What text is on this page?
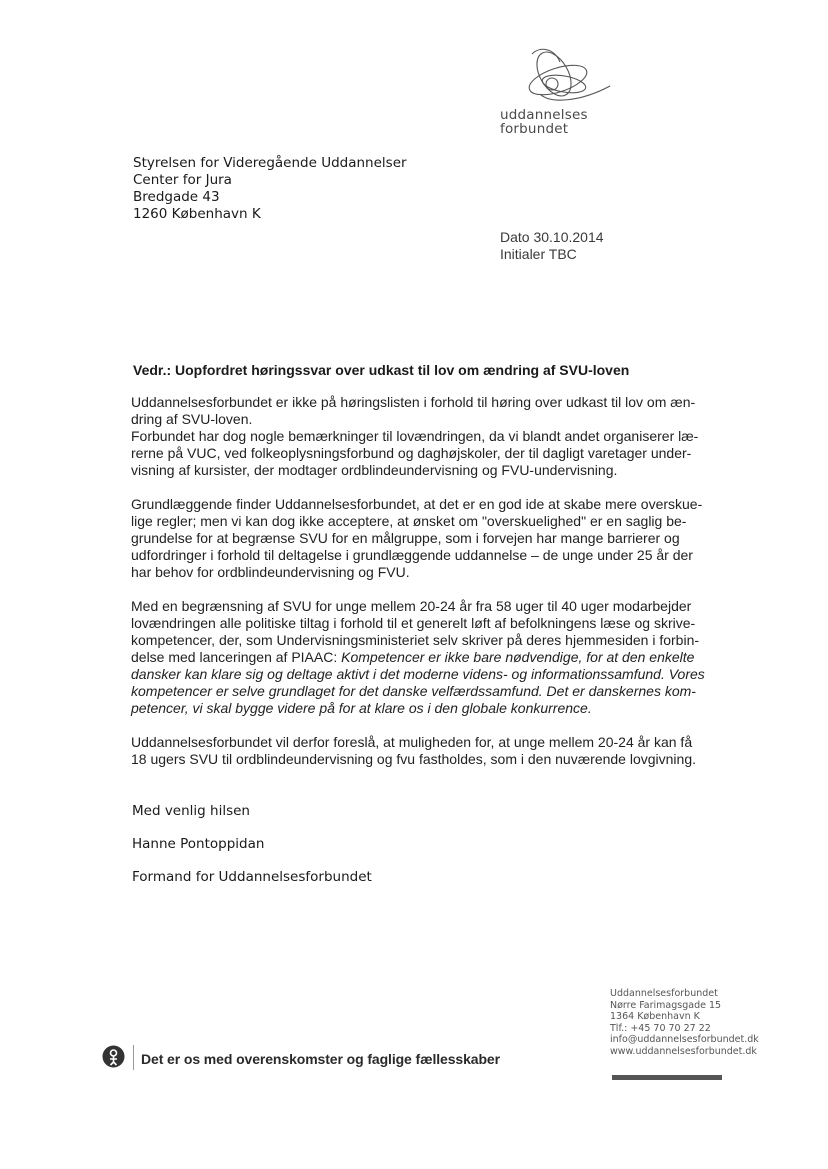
uddannelses
forbundet
Styrelsen for Videregående Uddannelser
Center for Jura
Bredgade 43
1260 København K
Dato 30.10.2014
Initialer TBC
Vedr.: Uopfordret høringssvar over udkast til lov om ændring af SVU-loven
Uddannelsesforbundet er ikke på høringslisten i forhold til høring over udkast til lov om æn-
dring af SVU-loven.
Forbundet har dog nogle bemærkninger til lovændringen, da vi blandt andet organiserer læ-
rerne på VUC, ved folkeoplysningsforbund og daghøjskoler, der til dagligt varetager under-
visning af kursister, der modtager ordblindeundervisning og FVU-undervisning.
Grundlæggende finder Uddannelsesforbundet, at det er en god ide at skabe mere overskue-
lige regler; men vi kan dog ikke acceptere, at ønsket om "overskuelighed" er en saglig be-
grundelse for at begrænse SVU for en målgruppe, som i forvejen har mange barrierer og
udfordringer i forhold til deltagelse i grundlæggende uddannelse – de unge under 25 år der
har behov for ordblindeundervisning og FVU.
Med en begrænsning af SVU for unge mellem 20-24 år fra 58 uger til 40 uger modarbejder
lovændringen alle politiske tiltag i forhold til et generelt løft af befolkningens læse og skrive-
kompetencer, der, som Undervisningsministeriet selv skriver på deres hjemmesiden i forbin-
delse med lanceringen af PIAAC: Kompetencer er ikke bare nødvendige, for at den enkelte
dansker kan klare sig og deltage aktivt i det moderne videns- og informationssamfund. Vores
kompetencer er selve grundlaget for det danske velfærdssamfund. Det er danskernes kom-
petencer, vi skal bygge videre på for at klare os i den globale konkurrence.
Uddannelsesforbundet vil derfor foreslå, at muligheden for, at unge mellem 20-24 år kan få
18 ugers SVU til ordblindeundervisning og fvu fastholdes, som i den nuværende lovgivning.
Med venlig hilsen
Hanne Pontoppidan
Formand for Uddannelsesforbundet
Uddannelsesforbundet
Nørre Farimagsgade 15
1364 København K
Tlf.: +45 70 70 27 22
info@uddannelsesforbundet.dk
www.uddannelsesforbundet.dk
Det er os med overenskomster og faglige fællesskaber
